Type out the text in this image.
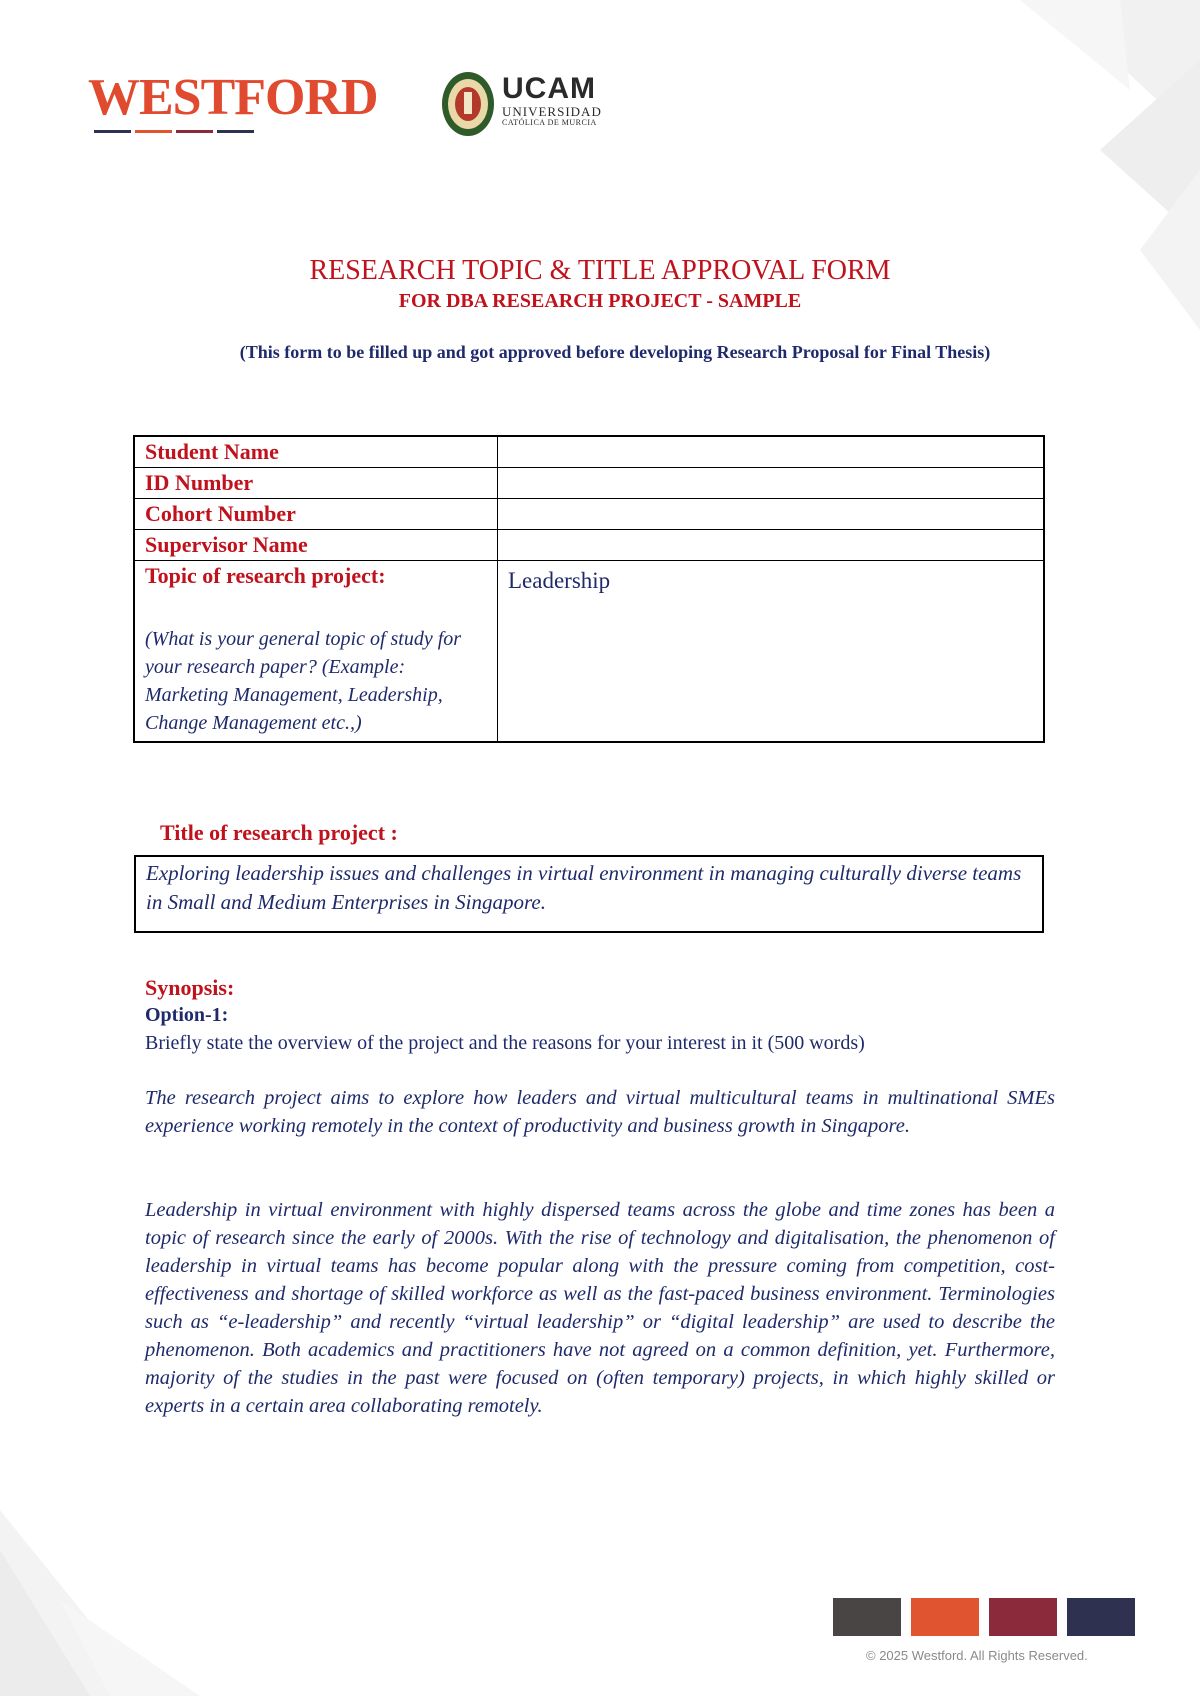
WESTFORD	UCAM
UNIVERSIDAD
CATÓLICA DE MURCIA
RESEARCH TOPIC & TITLE APPROVAL FORM
FOR DBA RESEARCH PROJECT - SAMPLE
(This form to be filled up and got approved before developing Research Proposal for Final Thesis)
Student Name	
ID Number	
Cohort Number	
Supervisor Name	

Topic of research project:
(What is your general topic of study for your research paper? (Example: Marketing Management, Leadership, Change Management etc.,)	Leadership
Title of research project :
Exploring leadership issues and challenges in virtual environment in managing culturally diverse teams in Small and Medium Enterprises in Singapore.
Synopsis:
Option-1:
Briefly state the overview of the project and the reasons for your interest in it (500 words)
The research project aims to explore how leaders and virtual multicultural teams in multinational SMEs experience working remotely in the context of productivity and business growth in Singapore.
Leadership in virtual environment with highly dispersed teams across the globe and time zones has been a topic of research since the early of 2000s. With the rise of technology and digitalisation, the phenomenon of leadership in virtual teams has become popular along with the pressure coming from competition, cost-effectiveness and shortage of skilled workforce as well as the fast-paced business environment. Terminologies such as “e-leadership” and recently “virtual leadership” or “digital leadership” are used to describe the phenomenon. Both academics and practitioners have not agreed on a common definition, yet. Furthermore, majority of the studies in the past were focused on (often temporary) projects, in which highly skilled or experts in a certain area collaborating remotely.
© 2025 Westford. All Rights Reserved.
